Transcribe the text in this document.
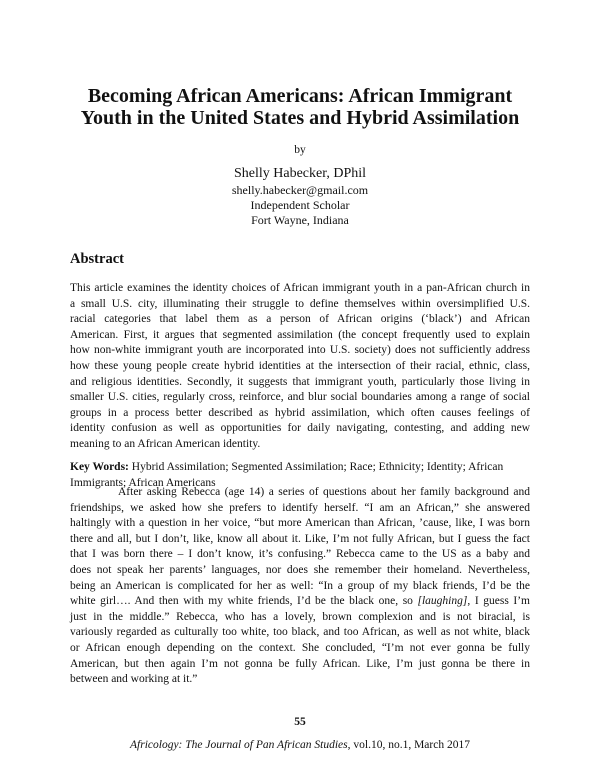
Becoming African Americans: African Immigrant
Youth in the United States and Hybrid Assimilation
by
Shelly Habecker, DPhil
shelly.habecker@gmail.com
Independent Scholar
Fort Wayne, Indiana
Abstract
This article examines the identity choices of African immigrant youth in a pan-African church in
a small U.S. city, illuminating their struggle to define themselves within oversimplified U.S.
racial categories that label them as a person of African origins (‘black’) and African
American. First, it argues that segmented assimilation (the concept frequently used to explain
how non-white immigrant youth are incorporated into U.S. society) does not sufficiently address
how these young people create hybrid identities at the intersection of their racial, ethnic, class,
and religious identities. Secondly, it suggests that immigrant youth, particularly those living in
smaller U.S. cities, regularly cross, reinforce, and blur social boundaries among a range of social
groups in a process better described as hybrid assimilation, which often causes feelings of
identity confusion as well as opportunities for daily navigating, contesting, and adding new
meaning to an African American identity.
Key Words: Hybrid Assimilation; Segmented Assimilation; Race; Ethnicity; Identity; African
Immigrants; African Americans
After asking Rebecca (age 14) a series of questions about her family background and
friendships, we asked how she prefers to identify herself. “I am an African,” she answered
haltingly with a question in her voice, “but more American than African, ’cause, like, I was born
there and all, but I don’t, like, know all about it. Like, I’m not fully African, but I guess the fact
that I was born there – I don’t know, it’s confusing.” Rebecca came to the US as a baby and
does not speak her parents’ languages, nor does she remember their homeland. Nevertheless,
being an American is complicated for her as well: “In a group of my black friends, I’d be the
white girl…. And then with my white friends, I’d be the black one, so [laughing], I guess I’m
just in the middle.” Rebecca, who has a lovely, brown complexion and is not biracial, is
variously regarded as culturally too white, too black, and too African, as well as not white, black
or African enough depending on the context. She concluded, “I’m not ever gonna be fully
American, but then again I’m not gonna be fully African. Like, I’m just gonna be there in
between and working at it.”
55
Africology: The Journal of Pan African Studies, vol.10, no.1, March 2017
